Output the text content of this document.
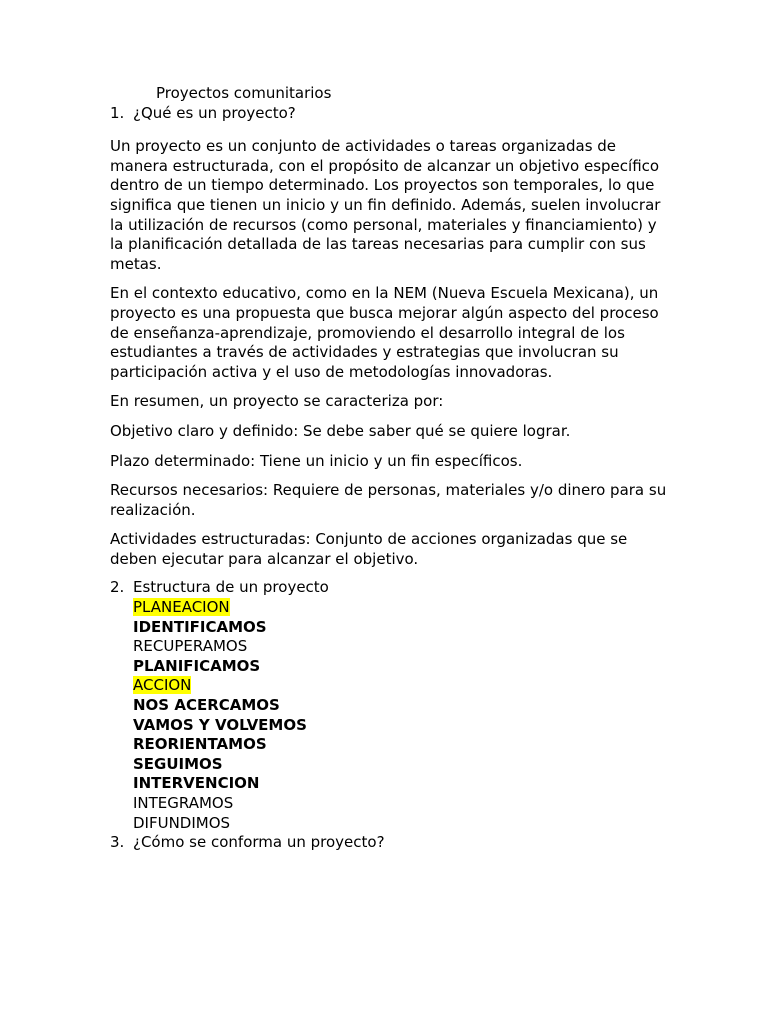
Proyectos comunitarios
1. ¿Qué es un proyecto?

Un proyecto es un conjunto de actividades o tareas organizadas de manera estructurada, con el propósito de alcanzar un objetivo específico dentro de un tiempo determinado. Los proyectos son temporales, lo que significa que tienen un inicio y un fin definido. Además, suelen involucrar la utilización de recursos (como personal, materiales y financiamiento) y la planificación detallada de las tareas necesarias para cumplir con sus metas.

En el contexto educativo, como en la NEM (Nueva Escuela Mexicana), un proyecto es una propuesta que busca mejorar algún aspecto del proceso de enseñanza-aprendizaje, promoviendo el desarrollo integral de los estudiantes a través de actividades y estrategias que involucran su participación activa y el uso de metodologías innovadoras.

En resumen, un proyecto se caracteriza por:

Objetivo claro y definido: Se debe saber qué se quiere lograr.

Plazo determinado: Tiene un inicio y un fin específicos.

Recursos necesarios: Requiere de personas, materiales y/o dinero para su realización.

Actividades estructuradas: Conjunto de acciones organizadas que se deben ejecutar para alcanzar el objetivo.

2. Estructura de un proyecto
PLANEACION
IDENTIFICAMOS
RECUPERAMOS
PLANIFICAMOS
ACCION
NOS ACERCAMOS
VAMOS Y VOLVEMOS
REORIENTAMOS
SEGUIMOS
INTERVENCION
INTEGRAMOS
DIFUNDIMOS
3. ¿Cómo se conforma un proyecto?
